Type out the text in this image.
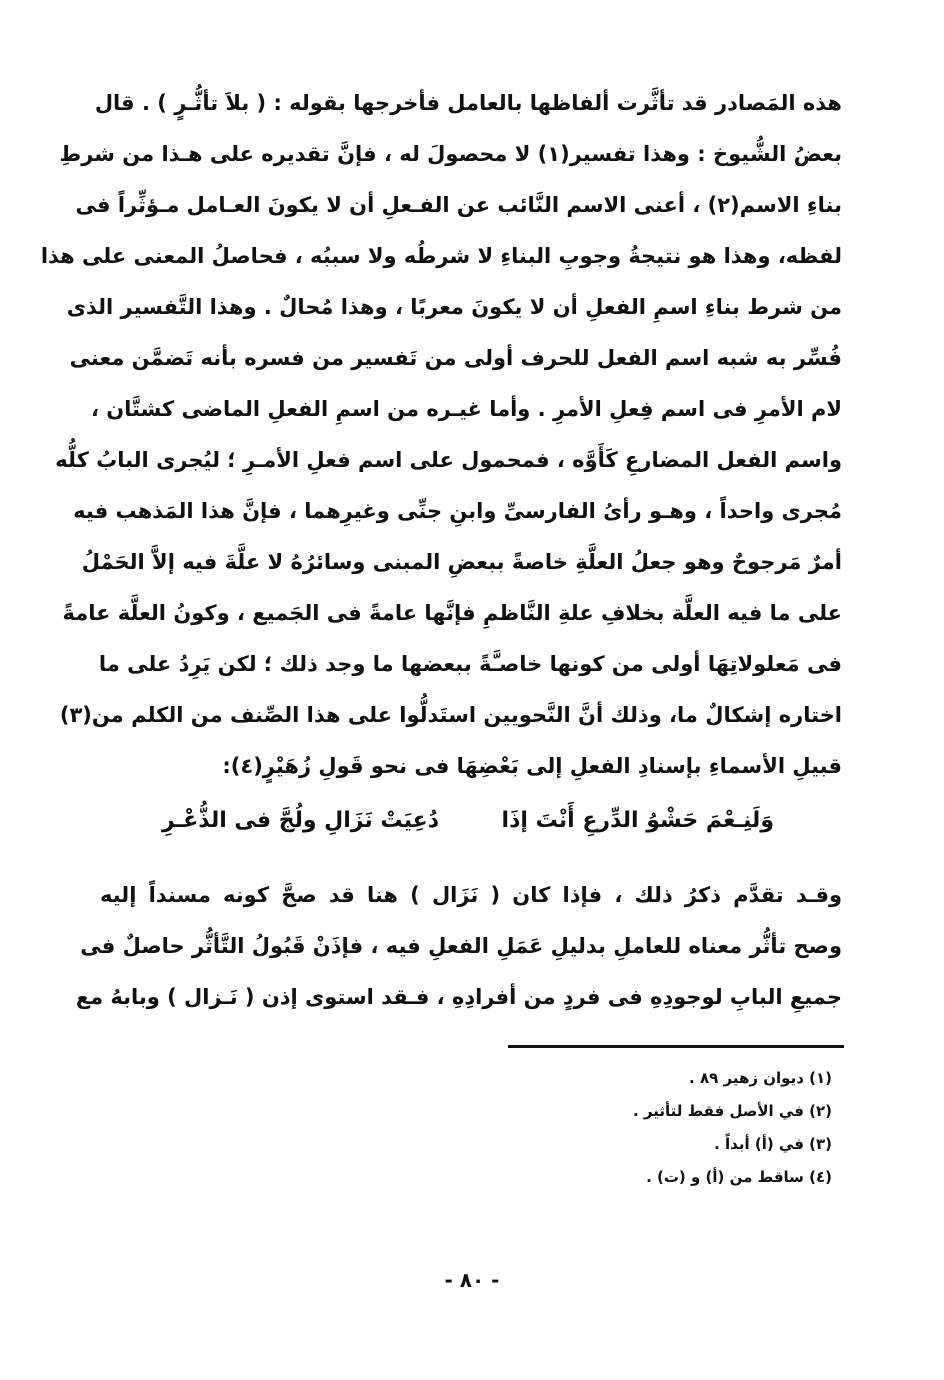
هذه المَصادر قد تأثَّرت ألفاظها بالعامل فأخرجها بقوله : ( بلاَ تأثُّـرٍ ) . قال
بعضُ الشُّيوخ : وهذا تفسير(١) لا محصولَ له ، فإنَّ تقديره على هـذا من شرطِ
بناءِ الاسم(٢) ، أعنى الاسم النَّائب عن الفـعلِ أن لا يكونَ العـامل مـؤثِّراً فى
لفظه، وهذا هو نتيجةُ وجوبِ البناءِ لا شرطُه ولا سببُه ، فحاصلُ المعنى على هذا
من شرط بناءِ اسمِ الفعلِ أن لا يكونَ معربًا ، وهذا مُحالٌ . وهذا التَّفسير الذى
فُسِّر به شبه اسم الفعل للحرف أولى من تَفسير من فسره بأنه تَضمَّن معنى
لام الأمرِ فى اسم فِعلِ الأمرِ . وأما غيـره من اسمِ الفعلِ الماضى كشتَّان ،
واسم الفعل المضارعِ كَأَوَّه ، فمحمول على اسم فعلِ الأمـرِ ؛ ليُجرى البابُ كلُّه
مُجرى واحداً ، وهـو رأىُ الفارسىِّ وابنِ جنِّى وغيرِهما ، فإنَّ هذا المَذهب فيه
أمرٌ مَرجوحٌ وهو جعلُ العلَّةِ خاصةً ببعضِ المبنى وسائرُهُ لا علَّةَ فيه إلاَّ الحَمْلُ
على ما فيه العلَّة بخلافِ علةِ النَّاظمِ فإنَّها عامةً فى الجَميع ، وكونُ العلَّة عامةً
فى مَعلولاتِهَا أولى من كونها خاصـَّةً ببعضها ما وجد ذلك ؛ لكن يَرِدُ على ما
اختاره إشكالٌ ما، وذلك أنَّ النَّحويين استَدلُّوا على هذا الصِّنف من الكلم من(٣)
قبيلِ الأسماءِ بإسنادِ الفعلِ إلى بَعْضِهَا فى نحو قَولِ زُهَيْرٍ(٤):
وَلَنِـعْمَ حَشْوُ الدِّرعِ أَنْتَ إذَا
دُعِيَتْ نَزَالِ ولُجَّ فى الذُّعْـرِ
وقـد تقدَّم ذكرُ ذلك ، فإذا كان ( نَزَال ) هنا قد صحَّ كونه مسنداً إليه
وصح تأثُّر معناه للعاملِ بدليلِ عَمَلِ الفعلِ فيه ، فإذَنْ قَبُولُ التَّأثُّر حاصلٌ فى
جميعِ البابِ لوجودِهِ فى فردٍ من أفرادِهِ ، فـقد استوى إذن ( نَـزال ) وبابهُ مع
(١) ديوان زهير ٨٩ .
(٢) في الأصل فقط لتأثير .
(٣) في (أ) أبداً .
(٤) ساقط من (أ) و (ت) .
- ٨٠ -
